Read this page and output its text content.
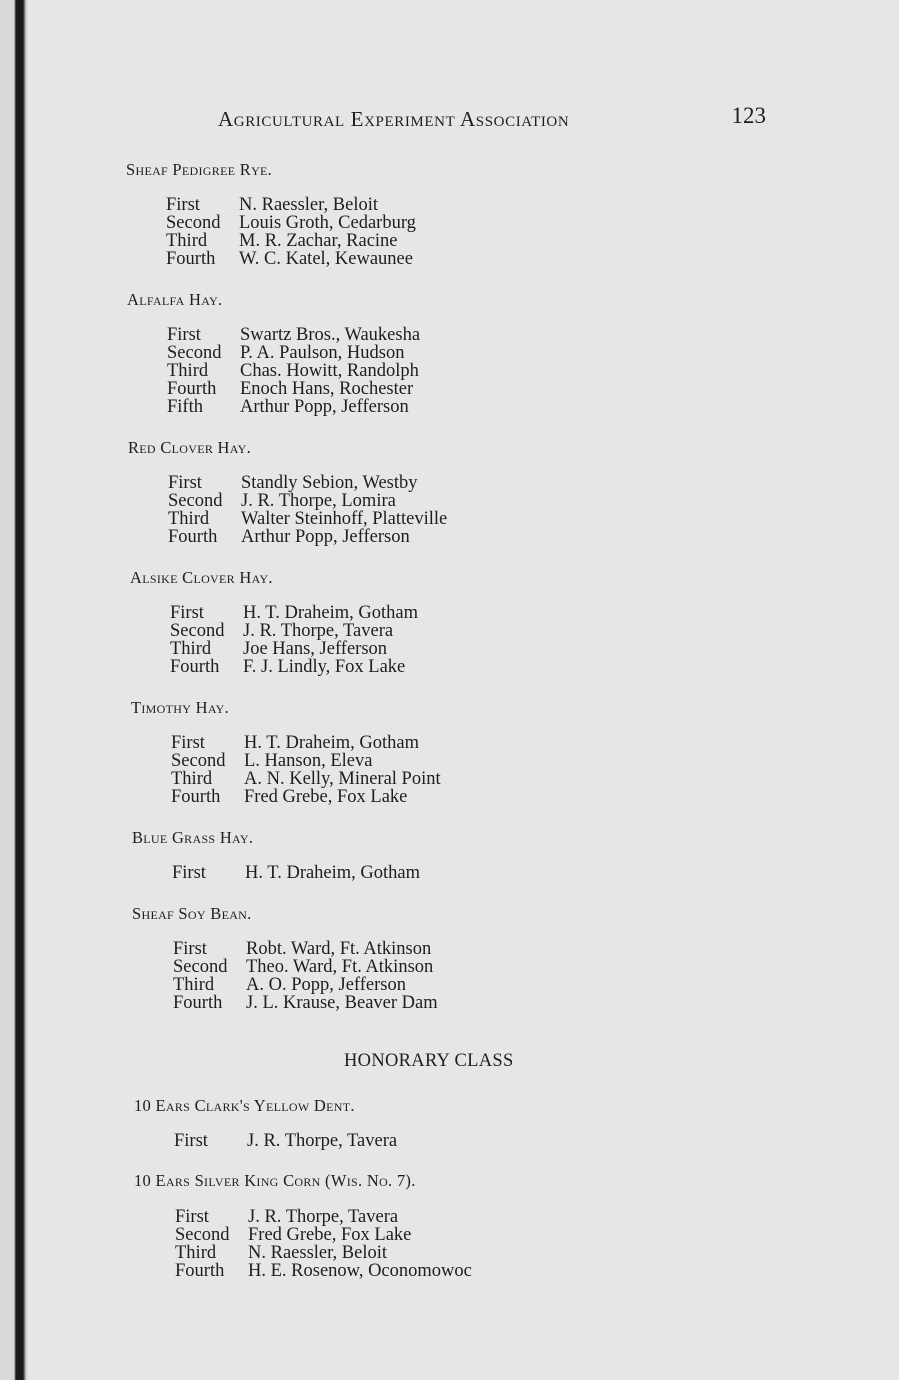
Agricultural Experiment Association	123
Sheaf Pedigree Rye.
First	N. Raessler, Beloit
Second	Louis Groth, Cedarburg
Third	M. R. Zachar, Racine
Fourth	W. C. Katel, Kewaunee
Alfalfa Hay.
First	Swartz Bros., Waukesha
Second	P. A. Paulson, Hudson
Third	Chas. Howitt, Randolph
Fourth	Enoch Hans, Rochester
Fifth	Arthur Popp, Jefferson
Red Clover Hay.
First	Standly Sebion, Westby
Second	J. R. Thorpe, Lomira
Third	Walter Steinhoff, Platteville
Fourth	Arthur Popp, Jefferson
Alsike Clover Hay.
First	H. T. Draheim, Gotham
Second	J. R. Thorpe, Tavera
Third	Joe Hans, Jefferson
Fourth	F. J. Lindly, Fox Lake
Timothy Hay.
First	H. T. Draheim, Gotham
Second	L. Hanson, Eleva
Third	A. N. Kelly, Mineral Point
Fourth	Fred Grebe, Fox Lake
Blue Grass Hay.
First	H. T. Draheim, Gotham
Sheaf Soy Bean.
First	Robt. Ward, Ft. Atkinson
Second	Theo. Ward, Ft. Atkinson
Third	A. O. Popp, Jefferson
Fourth	J. L. Krause, Beaver Dam
HONORARY CLASS
10 Ears Clark's Yellow Dent.
First	J. R. Thorpe, Tavera
10 Ears Silver King Corn (Wis. No. 7).
First	J. R. Thorpe, Tavera
Second	Fred Grebe, Fox Lake
Third	N. Raessler, Beloit
Fourth	H. E. Rosenow, Oconomowoc
